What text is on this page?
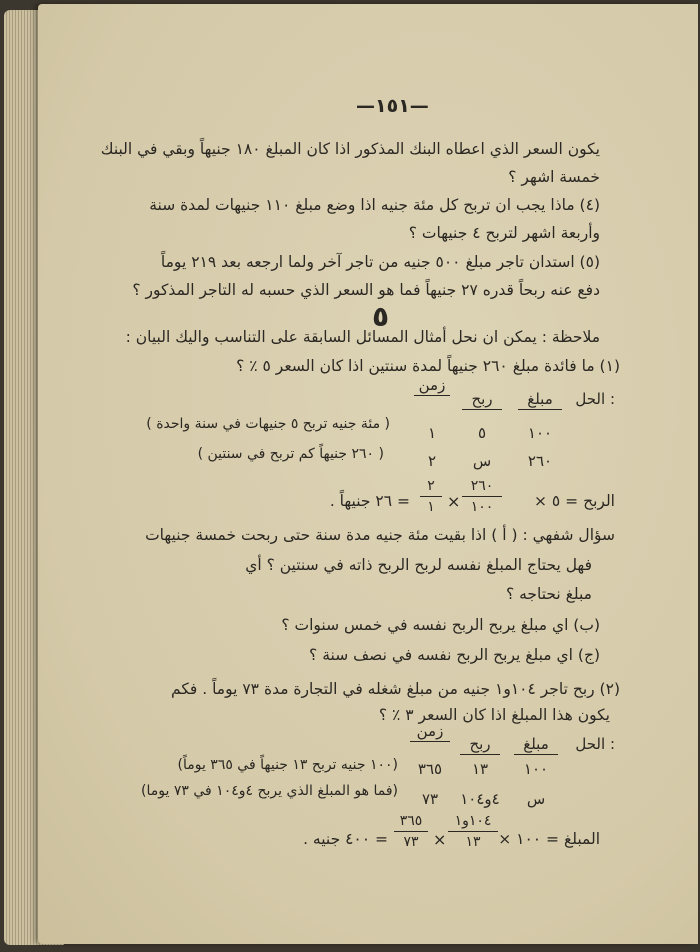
—١٥١—
يكون السعر الذي اعطاه البنك المذكور اذا كان المبلغ ١٨٠ جنيهاً وبقي في البنك
خمسة اشهر ؟
(٤) ماذا يجب ان تربح كل مئة جنيه اذا وضع مبلغ ١١٠ جنيهات لمدة سنة
وأربعة اشهر لتربح ٤ جنيهات ؟
(٥) استدان تاجر مبلغ ٥٠٠ جنيه من تاجر آخر ولما ارجعه بعد ٢١٩ يوماً
دفع عنه ربحاً قدره ٢٧ جنيهاً فما هو السعر الذي حسبه له التاجر المذكور ؟
٥
ملاحظة : يمكن ان نحل أمثال المسائل السابقة على التناسب واليك البيان :
(١) ما فائدة مبلغ ٢٦٠ جنيهاً لمدة سنتين اذا كان السعر ٥ ٪ ؟
الحل :
مبلغ
ربح
زمن
١٠٠
٥
١
( مئة جنيه تربح ٥ جنيهات في سنة واحدة )
٢٦٠
س
٢
( ٢٦٠ جنيهاً كم تربح في سنتين )
الربح = ٥ ×
٢٦٠
١٠٠
×
٢
١
= ٢٦ جنيهاً .
سؤال شفهي : ( أ ) اذا بقيت مئة جنيه مدة سنة حتى ربحت خمسة جنيهات
فهل يحتاج المبلغ نفسه لربح الربح ذاته في سنتين ؟ أي
مبلغ نحتاجه ؟
(ب) اي مبلغ يربح الربح نفسه في خمس سنوات ؟
(ج) اي مبلغ يربح الربح نفسه في نصف سنة ؟
(٢) ربح تاجر ١٠٤و١ جنيه من مبلغ شغله في التجارة مدة ٧٣ يوماً . فكم
يكون هذا المبلغ اذا كان السعر ٣ ٪ ؟
الحل :
مبلغ
ربح
زمن
١٠٠
١٣
٣٦٥
(١٠٠ جنيه تربح ١٣ جنيهاً في ٣٦٥ يوماً)
س
٤و١٠٤
٧٣
(فما هو المبلغ الذي يربح ٤و١٠٤ في ٧٣ يوما)
المبلغ = ١٠٠ ×
١٠٤و١
١٣
×
٣٦٥
٧٣
= ٤٠٠ جنيه .
